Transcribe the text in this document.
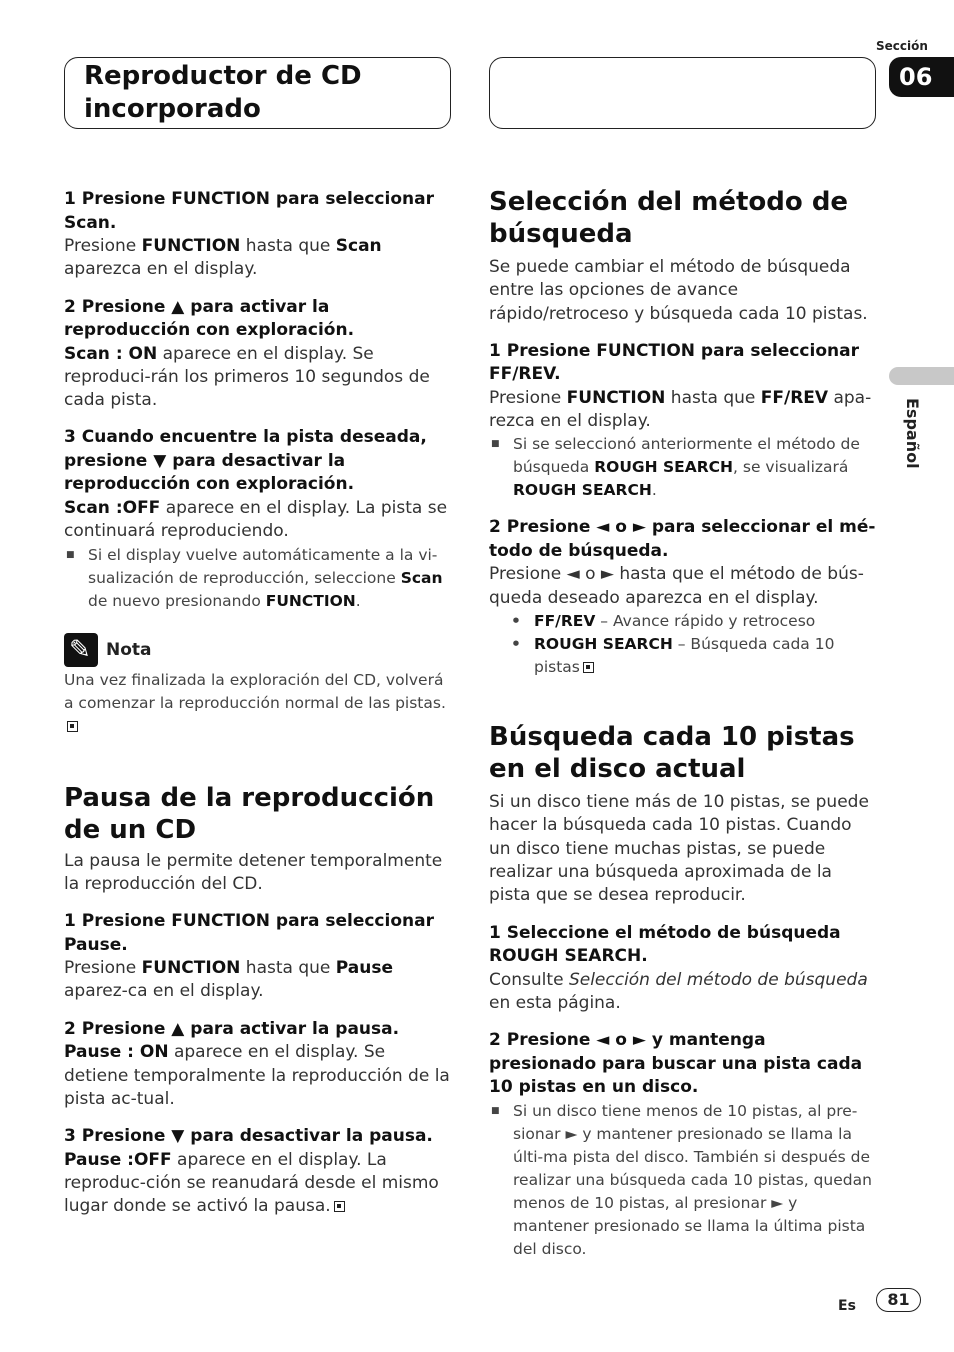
Reproductor de CD incorporado
Sección
06
Español

1 Presione FUNCTION para seleccionar Scan.

Presione FUNCTION hasta que Scan aparezca en el display.

2 Presione ▲ para activar la reproducción con exploración.

Scan : ON aparece en el display. Se reproduci-rán los primeros 10 segundos de cada pista.

3 Cuando encuentre la pista deseada, presione ▼ para desactivar la reproducción con exploración.

Scan :OFF aparece en el display. La pista se continuará reproduciendo.

■ Si el display vuelve automáticamente a la vi-sualización de reproducción, seleccione Scan de nuevo presionando FUNCTION.

✎
Nota

Una vez finalizada la exploración del CD, volverá a comenzar la reproducción normal de las pistas.

Pausa de la reproducción de un CD

La pausa le permite detener temporalmente la reproducción del CD.

1 Presione FUNCTION para seleccionar Pause.

Presione FUNCTION hasta que Pause aparez-ca en el display.

2 Presione ▲ para activar la pausa.

Pause : ON aparece en el display. Se detiene temporalmente la reproducción de la pista ac-tual.

3 Presione ▼ para desactivar la pausa.

Pause :OFF aparece en el display. La reproduc-ción se reanudará desde el mismo lugar donde se activó la pausa.

Selección del método de búsqueda

Se puede cambiar el método de búsqueda entre las opciones de avance rápido/retroceso y búsqueda cada 10 pistas.

1 Presione FUNCTION para seleccionar FF/REV.

Presione FUNCTION hasta que FF/REV apa-rezca en el display.

■ Si se seleccionó anteriormente el método de búsqueda ROUGH SEARCH, se visualizará ROUGH SEARCH.

2 Presione ◄ o ► para seleccionar el mé-todo de búsqueda.

Presione ◄ o ► hasta que el método de bús-queda deseado aparezca en el display.

• FF/REV – Avance rápido y retroceso

• ROUGH SEARCH – Búsqueda cada 10 pistas

Búsqueda cada 10 pistas en el disco actual

Si un disco tiene más de 10 pistas, se puede hacer la búsqueda cada 10 pistas. Cuando un disco tiene muchas pistas, se puede realizar una búsqueda aproximada de la pista que se desea reproducir.

1 Seleccione el método de búsqueda ROUGH SEARCH.

Consulte Selección del método de búsqueda en esta página.

2 Presione ◄ o ► y mantenga presionado para buscar una pista cada 10 pistas en un disco.

■ Si un disco tiene menos de 10 pistas, al pre-sionar ► y mantener presionado se llama la últi-ma pista del disco. También si después de realizar una búsqueda cada 10 pistas, quedan menos de 10 pistas, al presionar ► y mantener presionado se llama la última pista del disco.

Es	81
